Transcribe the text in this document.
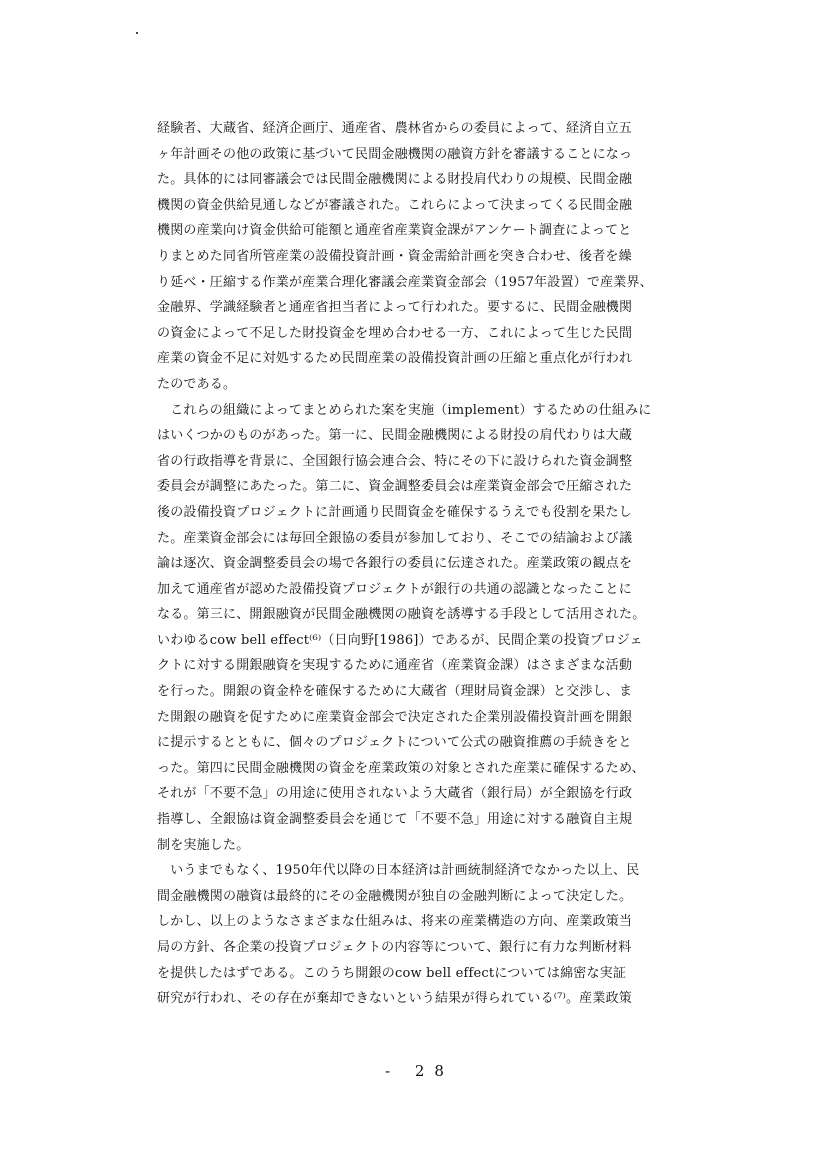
経験者、大蔵省、経済企画庁、通産省、農林省からの委員によって、経済自立五
ヶ年計画その他の政策に基づいて民間金融機関の融資方針を審議することになっ
た。具体的には同審議会では民間金融機関による財投肩代わりの規模、民間金融
機関の資金供給見通しなどが審議された。これらによって決まってくる民間金融
機関の産業向け資金供給可能額と通産省産業資金課がアンケート調査によってと
りまとめた同省所管産業の設備投資計画・資金需給計画を突き合わせ、後者を繰
り延べ・圧縮する作業が産業合理化審議会産業資金部会（1957年設置）で産業界、
金融界、学識経験者と通産省担当者によって行われた。要するに、民間金融機関
の資金によって不足した財投資金を埋め合わせる一方、これによって生じた民間
産業の資金不足に対処するため民間産業の設備投資計画の圧縮と重点化が行われ
たのである。
　これらの組織によってまとめられた案を実施（implement）するための仕組みに
はいくつかのものがあった。第一に、民間金融機関による財投の肩代わりは大蔵
省の行政指導を背景に、全国銀行協会連合会、特にその下に設けられた資金調整
委員会が調整にあたった。第二に、資金調整委員会は産業資金部会で圧縮された
後の設備投資プロジェクトに計画通り民間資金を確保するうえでも役割を果たし
た。産業資金部会には毎回全銀協の委員が参加しており、そこでの結論および議
論は逐次、資金調整委員会の場で各銀行の委員に伝達された。産業政策の観点を
加えて通産省が認めた設備投資プロジェクトが銀行の共通の認識となったことに
なる。第三に、開銀融資が民間金融機関の融資を誘導する手段として活用された。
いわゆるcow bell effect⁽⁶⁾（日向野[1986]）であるが、民間企業の投資プロジェ
クトに対する開銀融資を実現するために通産省（産業資金課）はさまざまな活動
を行った。開銀の資金枠を確保するために大蔵省（理財局資金課）と交渉し、ま
た開銀の融資を促すために産業資金部会で決定された企業別設備投資計画を開銀
に提示するとともに、個々のプロジェクトについて公式の融資推薦の手続きをと
った。第四に民間金融機関の資金を産業政策の対象とされた産業に確保するため、
それが「不要不急」の用途に使用されないよう大蔵省（銀行局）が全銀協を行政
指導し、全銀協は資金調整委員会を通じて「不要不急」用途に対する融資自主規
制を実施した。
　いうまでもなく、1950年代以降の日本経済は計画統制経済でなかった以上、民
間金融機関の融資は最終的にその金融機関が独自の金融判断によって決定した。
しかし、以上のようなさまざまな仕組みは、将来の産業構造の方向、産業政策当
局の方針、各企業の投資プロジェクトの内容等について、銀行に有力な判断材料
を提供したはずである。このうち開銀のcow bell effectについては綿密な実証
研究が行われ、その存在が棄却できないという結果が得られている⁽⁷⁾。産業政策
- 28
